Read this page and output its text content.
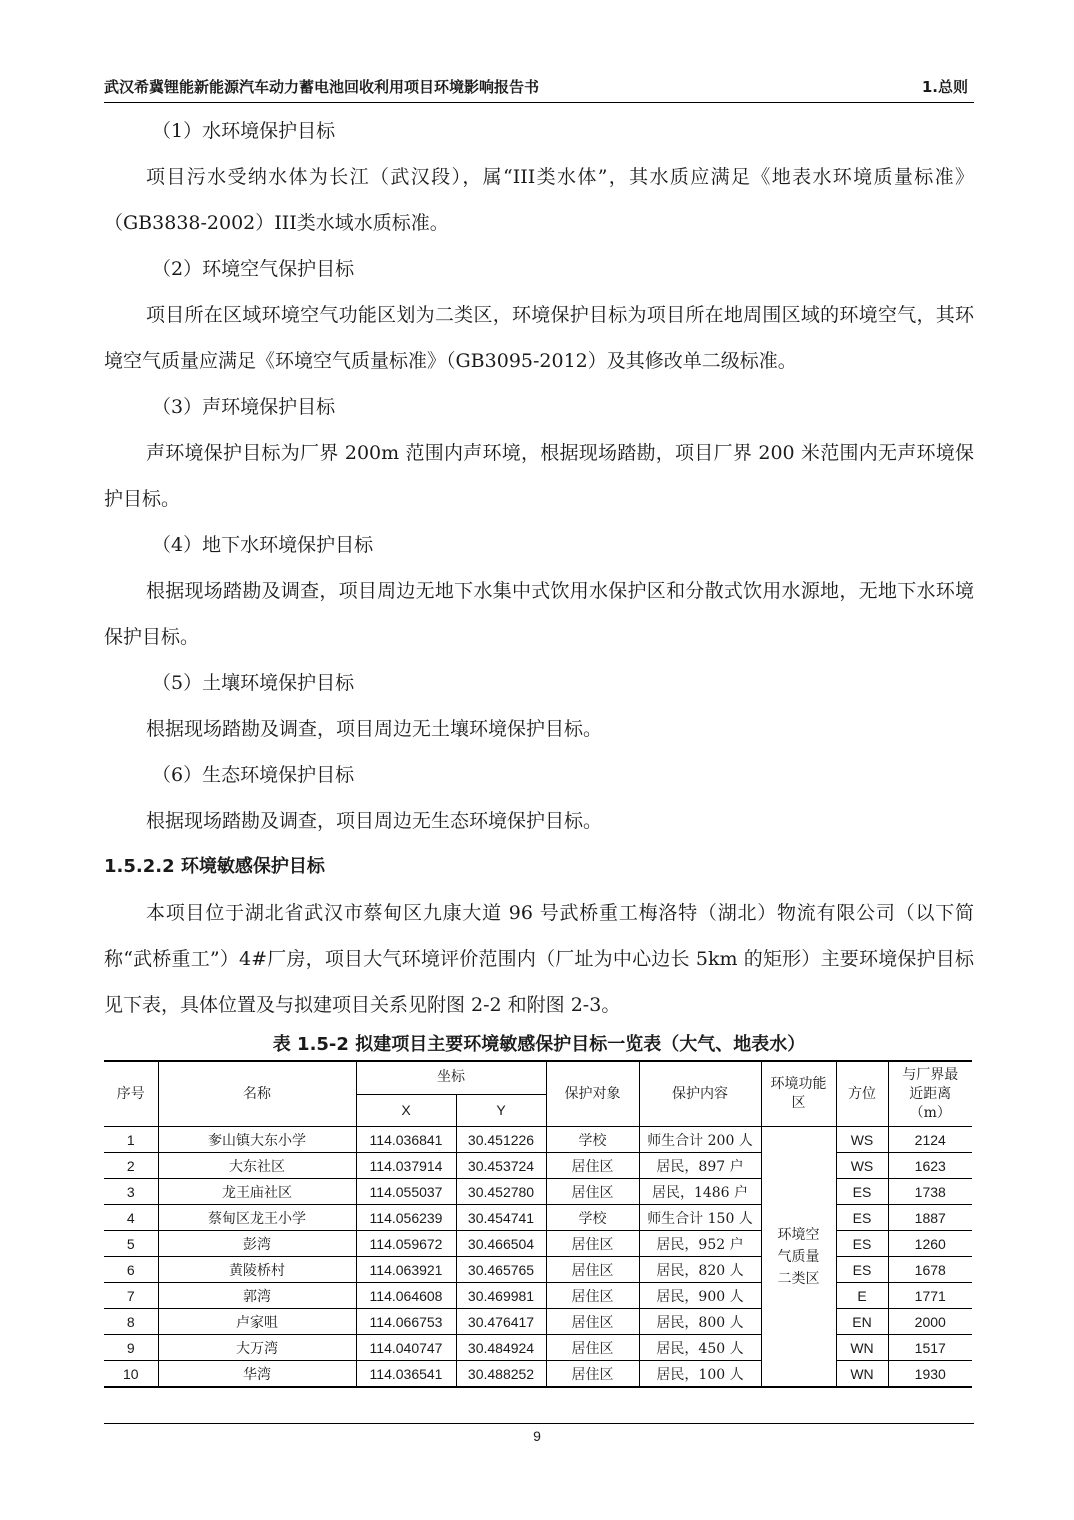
武汉希冀锂能新能源汽车动力蓄电池回收利用项目环境影响报告书	1.总则

（1）水环境保护目标

项目污水受纳水体为长江（武汉段），属“III类水体”，其水质应满足《地表水环境质量标准》（GB3838-2002）III类水域水质标准。

（2）环境空气保护目标

项目所在区域环境空气功能区划为二类区，环境保护目标为项目所在地周围区域的环境空气，其环境空气质量应满足《环境空气质量标准》（GB3095-2012）及其修改单二级标准。

（3）声环境保护目标

声环境保护目标为厂界 200m 范围内声环境，根据现场踏勘，项目厂界 200 米范围内无声环境保护目标。

（4）地下水环境保护目标

根据现场踏勘及调查，项目周边无地下水集中式饮用水保护区和分散式饮用水源地，无地下水环境保护目标。

（5）土壤环境保护目标

根据现场踏勘及调查，项目周边无土壤环境保护目标。

（6）生态环境保护目标

根据现场踏勘及调查，项目周边无生态环境保护目标。

1.5.2.2 环境敏感保护目标

本项目位于湖北省武汉市蔡甸区九康大道 96 号武桥重工梅洛特（湖北）物流有限公司（以下简称“武桥重工”）4#厂房，项目大气环境评价范围内（厂址为中心边长 5km 的矩形）主要环境保护目标见下表，具体位置及与拟建项目关系见附图 2-2 和附图 2-3。

表 1.5-2 拟建项目主要环境敏感保护目标一览表（大气、地表水）
序号	名称	坐标		保护对象	保护内容	环境功能区	方位	与厂界最近距离（m）
		X	Y					
1	奓山镇大东小学	114.036841	30.451226	学校	师生合计 200 人	环境空气质量二类区	WS	2124
2	大东社区	114.037914	30.453724	居住区	居民，897 户		WS	1623
3	龙王庙社区	114.055037	30.452780	居住区	居民，1486 户		ES	1738
4	蔡甸区龙王小学	114.056239	30.454741	学校	师生合计 150 人		ES	1887
5	彭湾	114.059672	30.466504	居住区	居民，952 户		ES	1260
6	黄陵桥村	114.063921	30.465765	居住区	居民，820 人		ES	1678
7	郭湾	114.064608	30.469981	居住区	居民，900 人		E	1771
8	卢家咀	114.066753	30.476417	居住区	居民，800 人		EN	2000
9	大万湾	114.040747	30.484924	居住区	居民，450 人		WN	1517
10	华湾	114.036541	30.488252	居住区	居民，100 人		WN	1930
9
